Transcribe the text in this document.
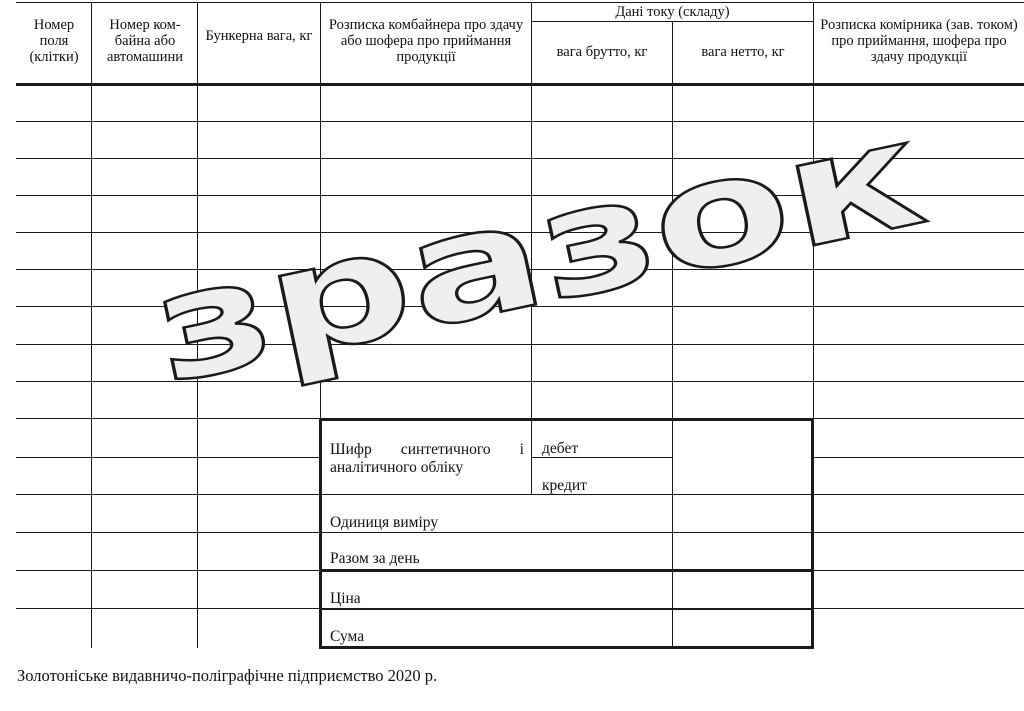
Номер поля (клітки)
Номер ком- байна або автомашини
Бункерна вага, кг
Розписка комбайнера про здачу або шофера про приймання продукції
Дані току (складу)
вага брутто, кг	вага нетто, кг
Розписка комірника (зав. током) про приймання, шофера про здачу продукції
Шифр синтетичного і аналітичного обліку
дебет
кредит
Одиниця виміру
Разом за день
Ціна
Сума
Золотоніське видавничо-поліграфічне підприємство 2020 р.
зразок
